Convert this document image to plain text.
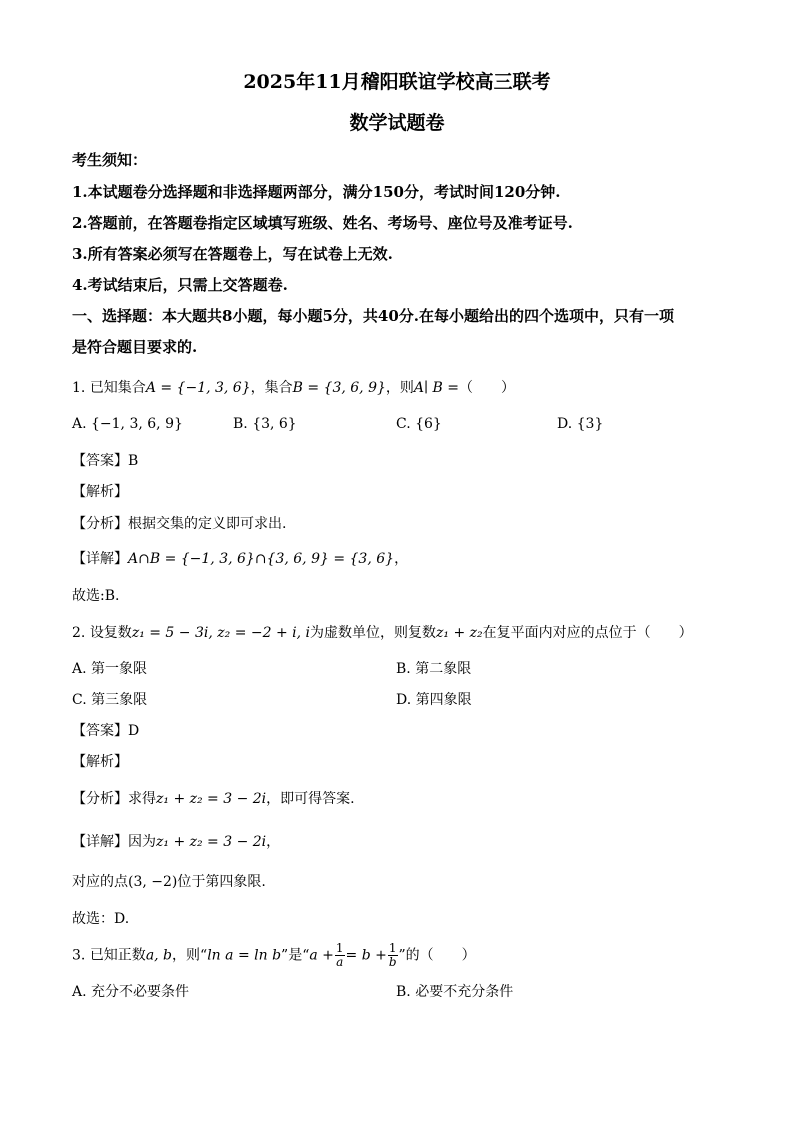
2025年11月稽阳联谊学校高三联考
数学试题卷
考生须知：
1.本试题卷分选择题和非选择题两部分，满分150分，考试时间120分钟.
2.答题前，在答题卷指定区域填写班级、姓名、考场号、座位号及准考证号.
3.所有答案必须写在答题卷上，写在试卷上无效.
4.考试结束后，只需上交答题卷.
一、选择题：本大题共8小题，每小题5分，共40分.在每小题给出的四个选项中，只有一项
是符合题目要求的.
1. 已知集合A = {−1, 3, 6}，集合B = {3, 6, 9}，则A∣ B =（　　）
A. {−1, 3, 6, 9}	B. {3, 6}	C. {6}	D. {3}
【答案】B
【解析】
【分析】根据交集的定义即可求出.
【详解】A∩B = {−1, 3, 6}∩{3, 6, 9} = {3, 6}，
故选:B.
2. 设复数z₁ = 5 − 3i, z₂ = −2 + i, i为虚数单位，则复数z₁ + z₂在复平面内对应的点位于（　　）
A. 第一象限	B. 第二象限
C. 第三象限	D. 第四象限
【答案】D
【解析】
【分析】求得z₁ + z₂ = 3 − 2i，即可得答案.
【详解】因为z₁ + z₂ = 3 − 2i，
对应的点(3, −2)位于第四象限.
故选：D.
3. 已知正数a, b，则“ln a = ln b”是“$a + \frac{1}{a} = b + \frac{1}{b}$ ”的（　　）
A. 充分不必要条件	B. 必要不充分条件
